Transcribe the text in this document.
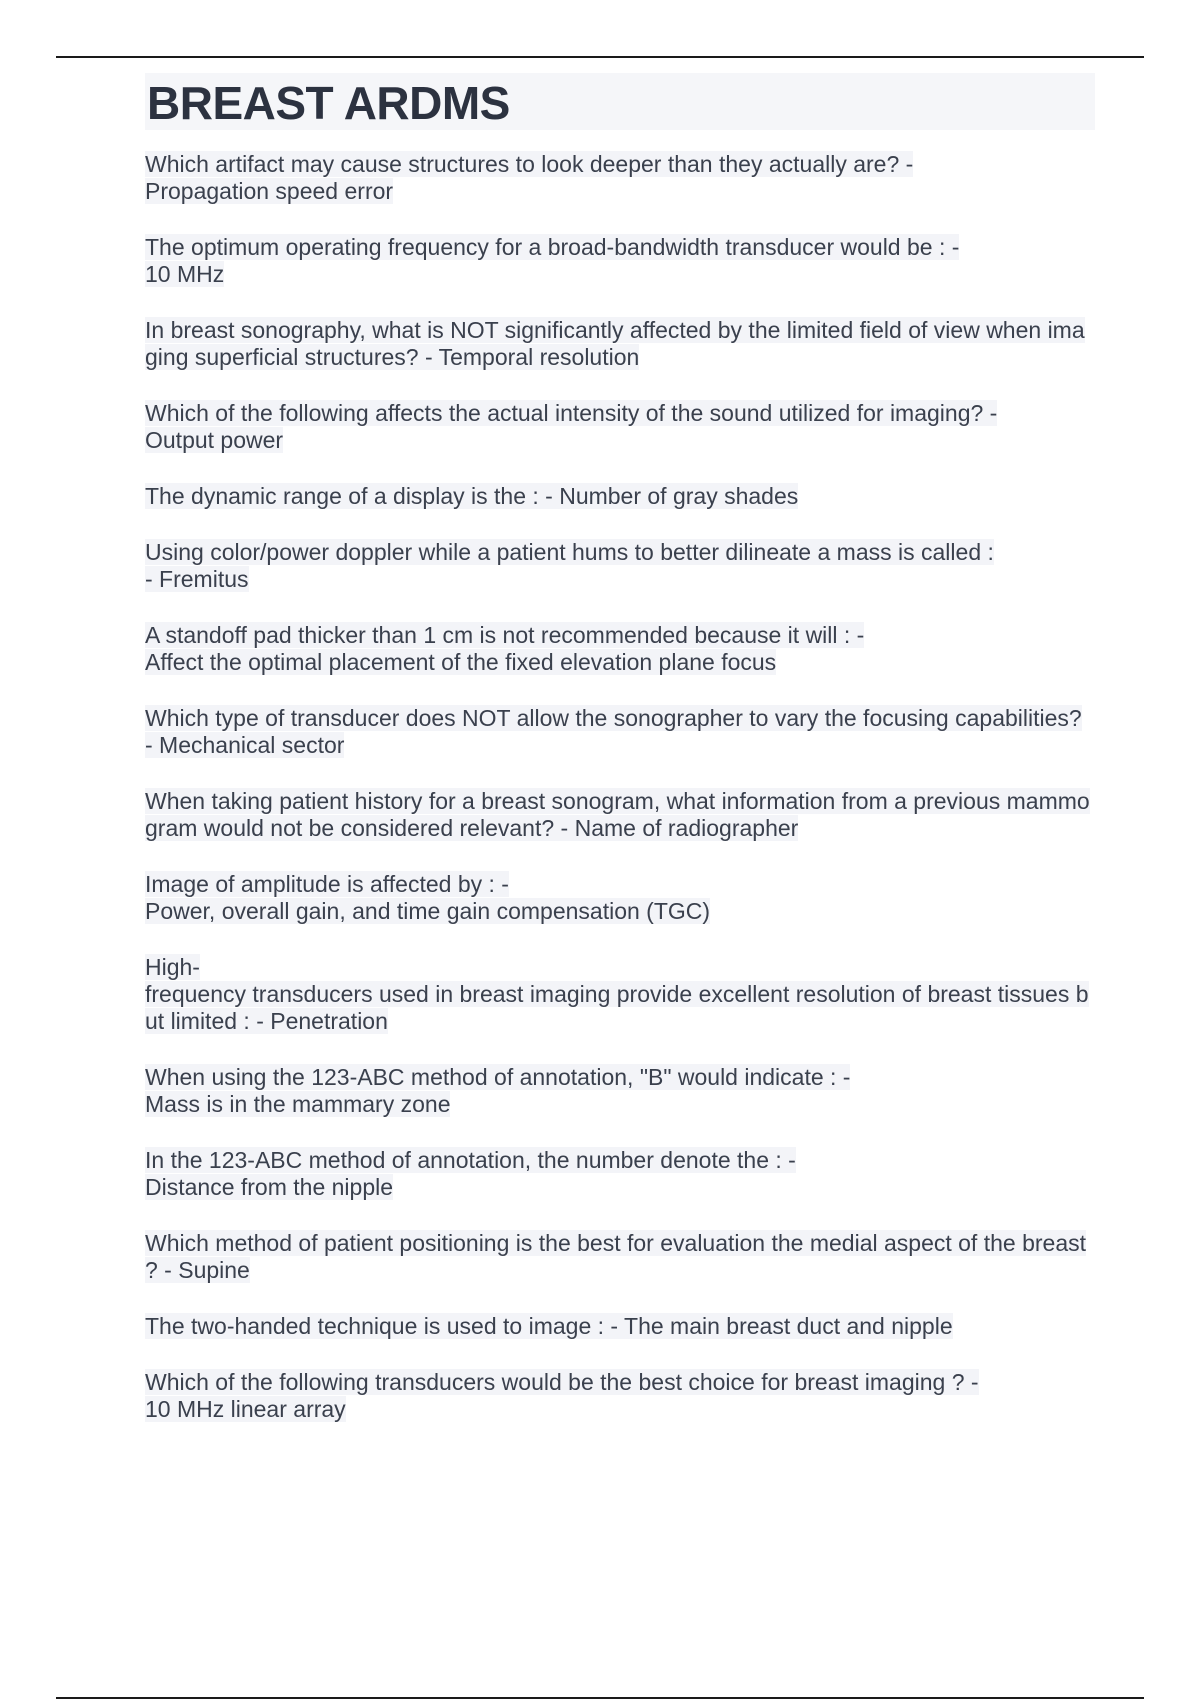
BREAST ARDMS

Which artifact may cause structures to look deeper than they actually are? -
Propagation speed error

The optimum operating frequency for a broad-bandwidth transducer would be : -
10 MHz

In breast sonography, what is NOT significantly affected by the limited field of view when imaging superficial structures? - Temporal resolution

Which of the following affects the actual intensity of the sound utilized for imaging? -
Output power

The dynamic range of a display is the : - Number of gray shades

Using color/power doppler while a patient hums to better dilineate a mass is called :
- Fremitus

A standoff pad thicker than 1 cm is not recommended because it will : -
Affect the optimal placement of the fixed elevation plane focus

Which type of transducer does NOT allow the sonographer to vary the focusing capabilities? - Mechanical sector

When taking patient history for a breast sonogram, what information from a previous mammogram would not be considered relevant? - Name of radiographer

Image of amplitude is affected by : -
Power, overall gain, and time gain compensation (TGC)

High-
frequency transducers used in breast imaging provide excellent resolution of breast tissues but limited : - Penetration

When using the 123-ABC method of annotation, "B" would indicate : -
Mass is in the mammary zone

In the 123-ABC method of annotation, the number denote the : -
Distance from the nipple

Which method of patient positioning is the best for evaluation the medial aspect of the breast ? - Supine

The two-handed technique is used to image : - The main breast duct and nipple

Which of the following transducers would be the best choice for breast imaging ? -
10 MHz linear array
